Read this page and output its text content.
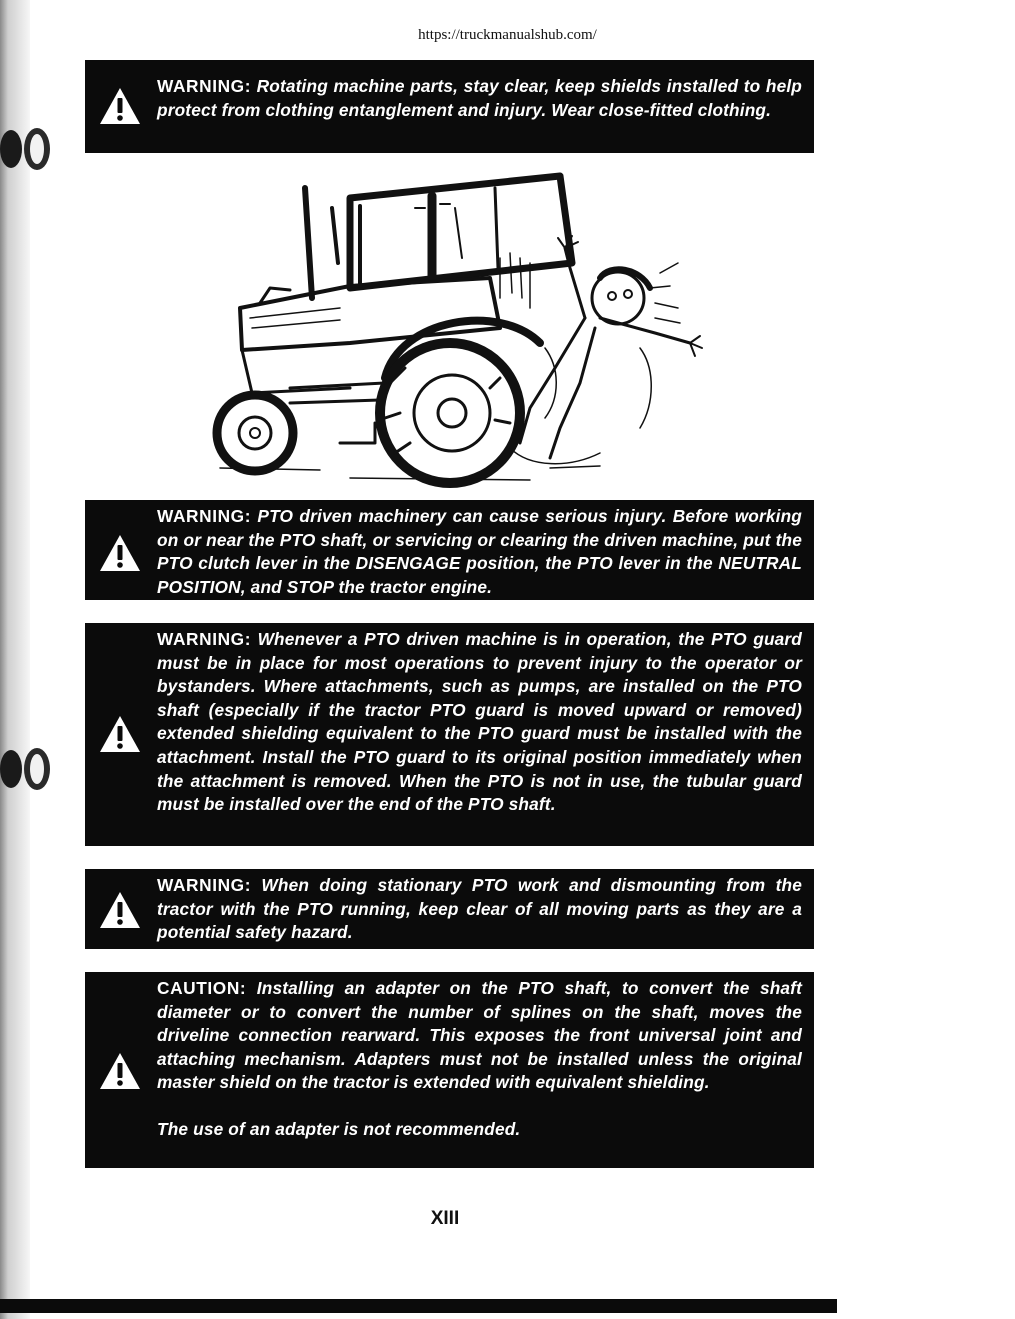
https://truckmanualshub.com/
WARNING: Rotating machine parts, stay clear, keep shields installed to help protect from clothing entanglement and injury. Wear close-fitted clothing.
WARNING: PTO driven machinery can cause serious injury. Before working on or near the PTO shaft, or servicing or clearing the driven machine, put the PTO clutch lever in the DISENGAGE position, the PTO lever in the NEUTRAL POSITION, and STOP the tractor engine.
WARNING: Whenever a PTO driven machine is in operation, the PTO guard must be in place for most operations to prevent injury to the operator or bystanders. Where attachments, such as pumps, are installed on the PTO shaft (especially if the tractor PTO guard is moved upward or removed) extended shielding equivalent to the PTO guard must be installed with the attachment. Install the PTO guard to its original position immediately when the attachment is removed. When the PTO is not in use, the tubular guard must be installed over the end of the PTO shaft.
WARNING: When doing stationary PTO work and dismounting from the tractor with the PTO running, keep clear of all moving parts as they are a potential safety hazard.
CAUTION: Installing an adapter on the PTO shaft, to convert the shaft diameter or to convert the number of splines on the shaft, moves the driveline connection rearward. This exposes the front universal joint and attaching mechanism. Adapters must not be installed unless the original master shield on the tractor is extended with equivalent shielding.
The use of an adapter is not recommended.
XIII
